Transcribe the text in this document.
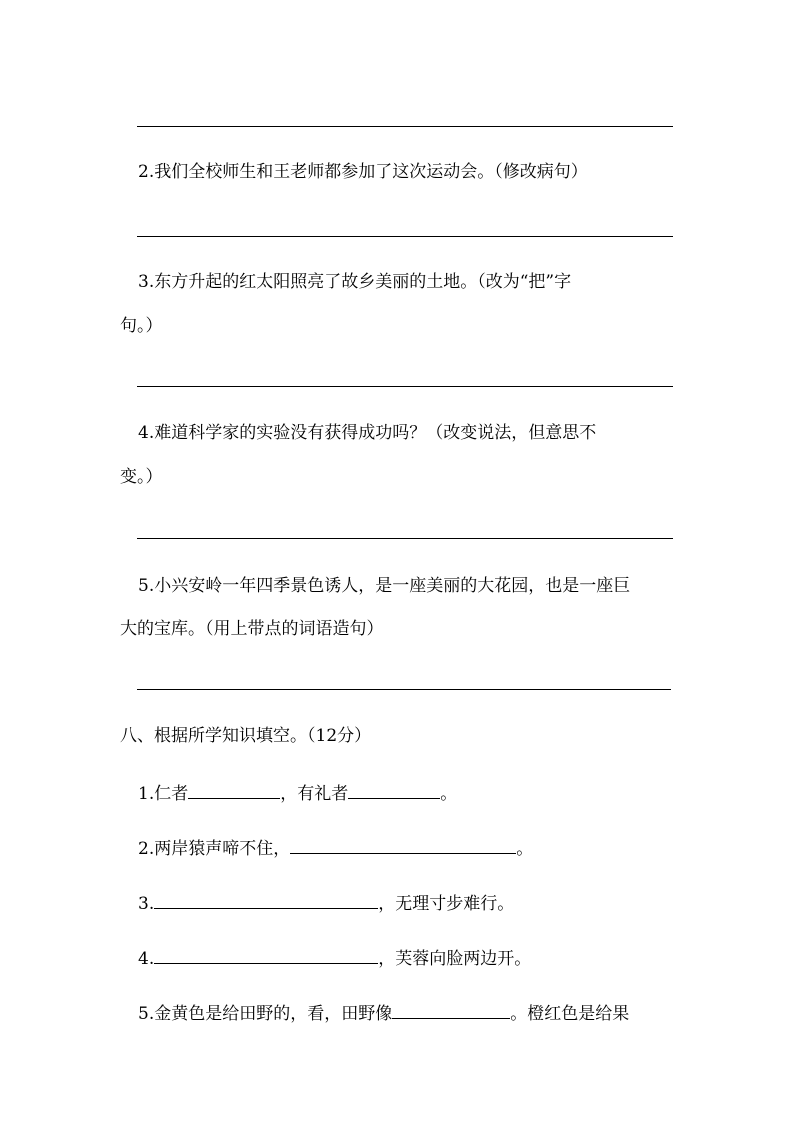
2.我们全校师生和王老师都参加了这次运动会。（修改病句）
3.东方升起的红太阳照亮了故乡美丽的土地。（改为“把”字
句。）
4.难道科学家的实验没有获得成功吗？（改变说法，但意思不
变。）
5.小兴安岭一年四季景色诱人，是一座美丽的大花园，也是一座巨
大的宝库。（用上带点的词语造句）
八、根据所学知识填空。（12分）
1.仁者	，有礼者	。
2.两岸猿声啼不住，	。
3.	，无理寸步难行。
4.	，芙蓉向脸两边开。
5.金黄色是给田野的，看，田野像	。橙红色是给果
